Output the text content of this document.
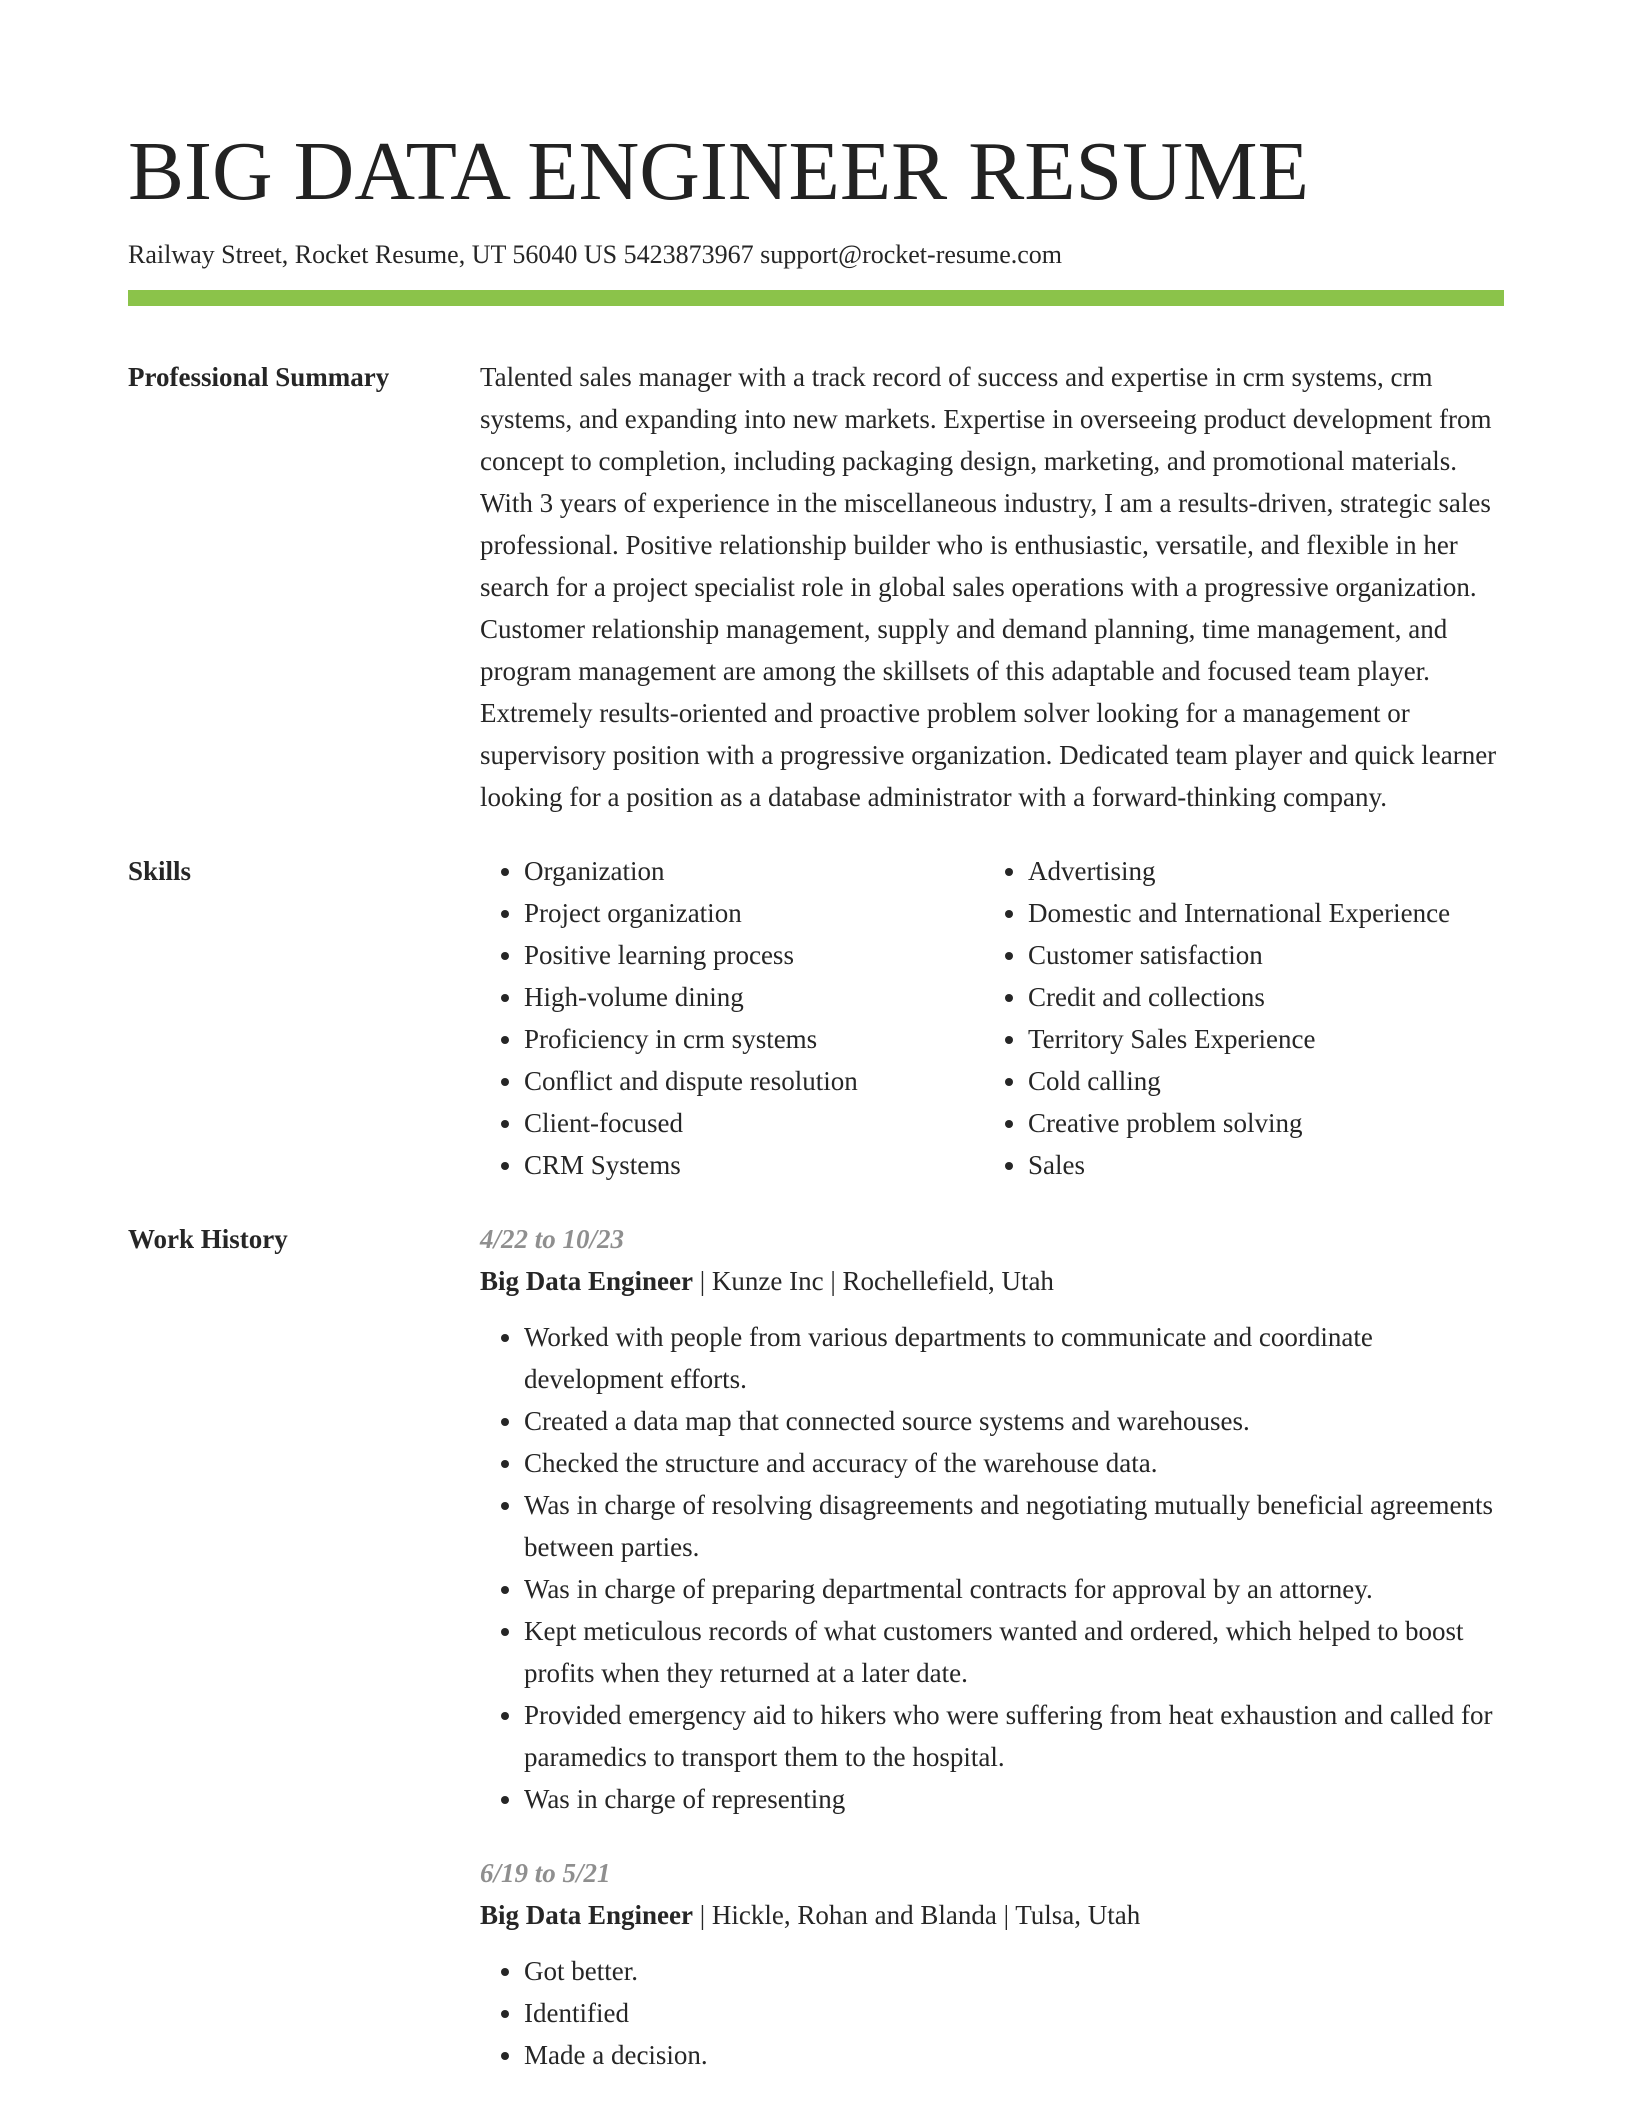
BIG DATA ENGINEER RESUME
Railway Street, Rocket Resume, UT 56040 US 5423873967 support@rocket-resume.com
Professional Summary	Talented sales manager with a track record of success and expertise in crm systems, crm systems, and expanding into new markets. Expertise in overseeing product development from concept to completion, including packaging design, marketing, and promotional materials. With 3 years of experience in the miscellaneous industry, I am a results-driven, strategic sales professional. Positive relationship builder who is enthusiastic, versatile, and flexible in her search for a project specialist role in global sales operations with a progressive organization. Customer relationship management, supply and demand planning, time management, and program management are among the skillsets of this adaptable and focused team player. Extremely results-oriented and proactive problem solver looking for a management or supervisory position with a progressive organization. Dedicated team player and quick learner looking for a position as a database administrator with a forward-thinking company.
Skills
•	Organization
• Project organization
• Positive learning process
• High-volume dining
• Proficiency in crm systems
• Conflict and dispute resolution
• Client-focused
• CRM Systems
• Advertising
• Domestic and International Experience
• Customer satisfaction
• Credit and collections
• Territory Sales Experience
• Cold calling
• Creative problem solving
• Sales
Work History	4/22 to 10/23
Big Data Engineer | Kunze Inc | Rochellefield, Utah
• Worked with people from various departments to communicate and coordinate development efforts.
• Created a data map that connected source systems and warehouses.
• Checked the structure and accuracy of the warehouse data.
• Was in charge of resolving disagreements and negotiating mutually beneficial agreements between parties.
• Was in charge of preparing departmental contracts for approval by an attorney.
• Kept meticulous records of what customers wanted and ordered, which helped to boost profits when they returned at a later date.
• Provided emergency aid to hikers who were suffering from heat exhaustion and called for paramedics to transport them to the hospital.
• Was in charge of representing
6/19 to 5/21
Big Data Engineer | Hickle, Rohan and Blanda | Tulsa, Utah
• Got better.
• Identified
• Made a decision.
